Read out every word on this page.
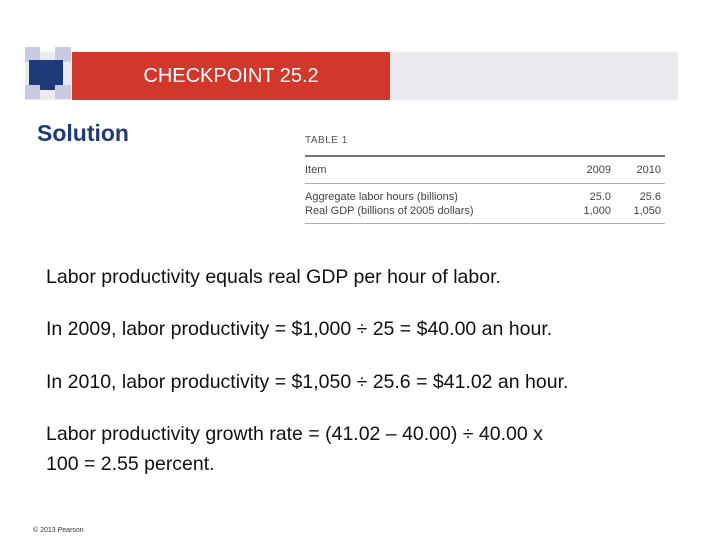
CHECKPOINT 25.2
Solution	TABLE 1
Item	2009	2010
Aggregate labor hours (billions)	25.0	25.6
Real GDP (billions of 2005 dollars)	1,000	1,050
Labor productivity equals real GDP per hour of labor.
In 2009, labor productivity = $1,000 ÷ 25 = $40.00 an hour.
In 2010, labor productivity = $1,050 ÷ 25.6 = $41.02 an hour.
Labor productivity growth rate = (41.02 – 40.00) ÷ 40.00 x
100 = 2.55 percent.
© 2013 Pearson
